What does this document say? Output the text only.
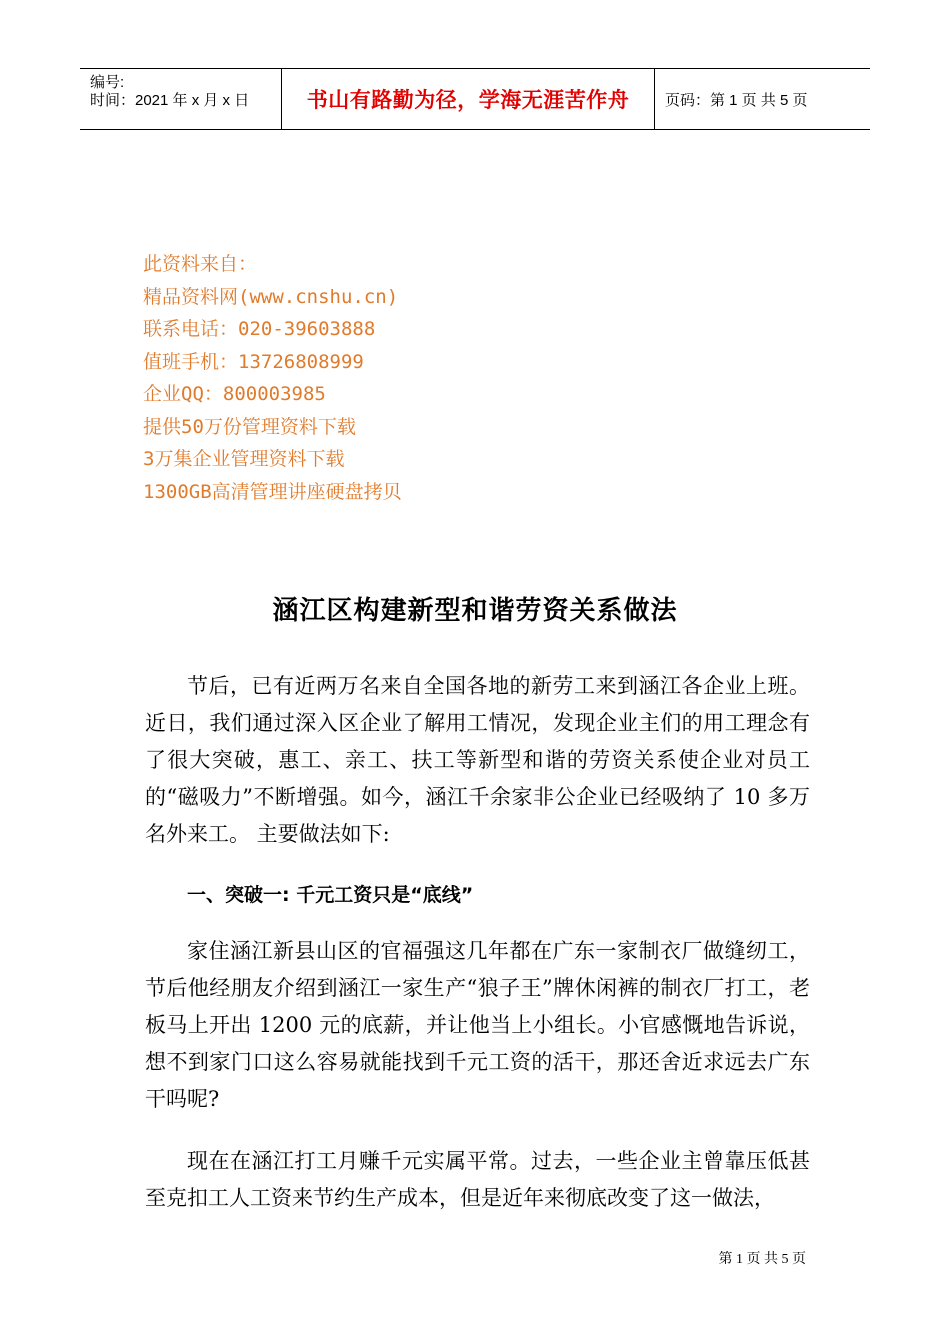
编号:
时间：2021 年 x 月 x 日	书山有路勤为径，学海无涯苦作舟 页码：第 1 页 共 5 页
此资料来自：
精品资料网(www.cnshu.cn)
联系电话：020-39603888
值班手机：13726808999
企业QQ：800003985
提供50万份管理资料下载
3万集企业管理资料下载
1300GB高清管理讲座硬盘拷贝
涵江区构建新型和谐劳资关系做法

节后，已有近两万名来自全国各地的新劳工来到涵江各企业上班。近日，我们通过深入区企业了解用工情况，发现企业主们的用工理念有了很大突破，惠工、亲工、扶工等新型和谐的劳资关系使企业对员工的“磁吸力”不断增强。如今，涵江千余家非公企业已经吸纳了 10 多万名外来工。 主要做法如下:

一、突破一: 千元工资只是“底线”

家住涵江新县山区的官福强这几年都在广东一家制衣厂做缝纫工，节后他经朋友介绍到涵江一家生产“狼子王”牌休闲裤的制衣厂打工，老板马上开出 1200 元的底薪，并让他当上小组长。小官感慨地告诉说，想不到家门口这么容易就能找到千元工资的活干，那还舍近求远去广东干吗呢?

现在在涵江打工月赚千元实属平常。过去，一些企业主曾靠压低甚至克扣工人工资来节约生产成本，但是近年来彻底改变了这一做法，

第 1 页 共 5 页
